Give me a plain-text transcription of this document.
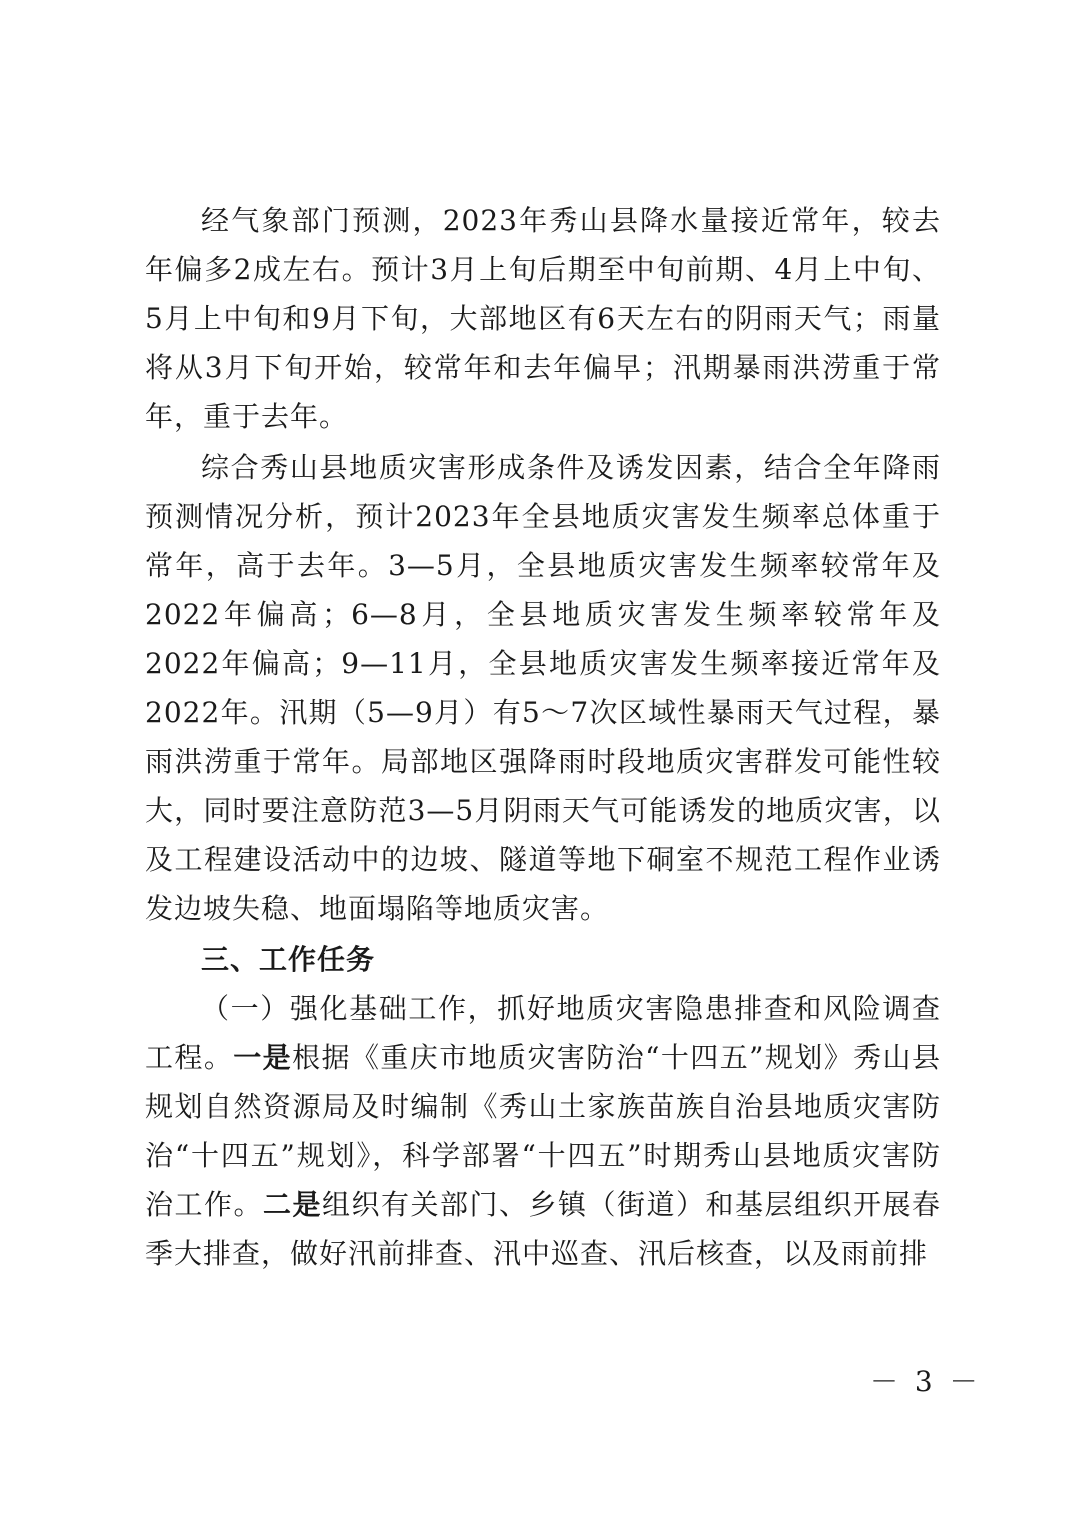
经气象部门预测，2023年秀山县降水量接近常年，较去年偏多2成左右。预计3月上旬后期至中旬前期、4月上中旬、5月上中旬和9月下旬，大部地区有6天左右的阴雨天气；雨量将从3月下旬开始，较常年和去年偏早；汛期暴雨洪涝重于常年，重于去年。

综合秀山县地质灾害形成条件及诱发因素，结合全年降雨预测情况分析，预计2023年全县地质灾害发生频率总体重于常年，高于去年。3—5月，全县地质灾害发生频率较常年及2022年偏高；6—8月，全县地质灾害发生频率较常年及2022年偏高；9—11月，全县地质灾害发生频率接近常年及2022年。汛期（5—9月）有5～7次区域性暴雨天气过程，暴雨洪涝重于常年。局部地区强降雨时段地质灾害群发可能性较大，同时要注意防范3—5月阴雨天气可能诱发的地质灾害，以及工程建设活动中的边坡、隧道等地下硐室不规范工程作业诱发边坡失稳、地面塌陷等地质灾害。

三、工作任务

（一）强化基础工作，抓好地质灾害隐患排查和风险调查工程。一是根据《重庆市地质灾害防治“十四五”规划》秀山县规划自然资源局及时编制《秀山土家族苗族自治县地质灾害防治“十四五”规划》，科学部署“十四五”时期秀山县地质灾害防治工作。二是组织有关部门、乡镇（街道）和基层组织开展春季大排查，做好汛前排查、汛中巡查、汛后核查，以及雨前排

－ 3 －
